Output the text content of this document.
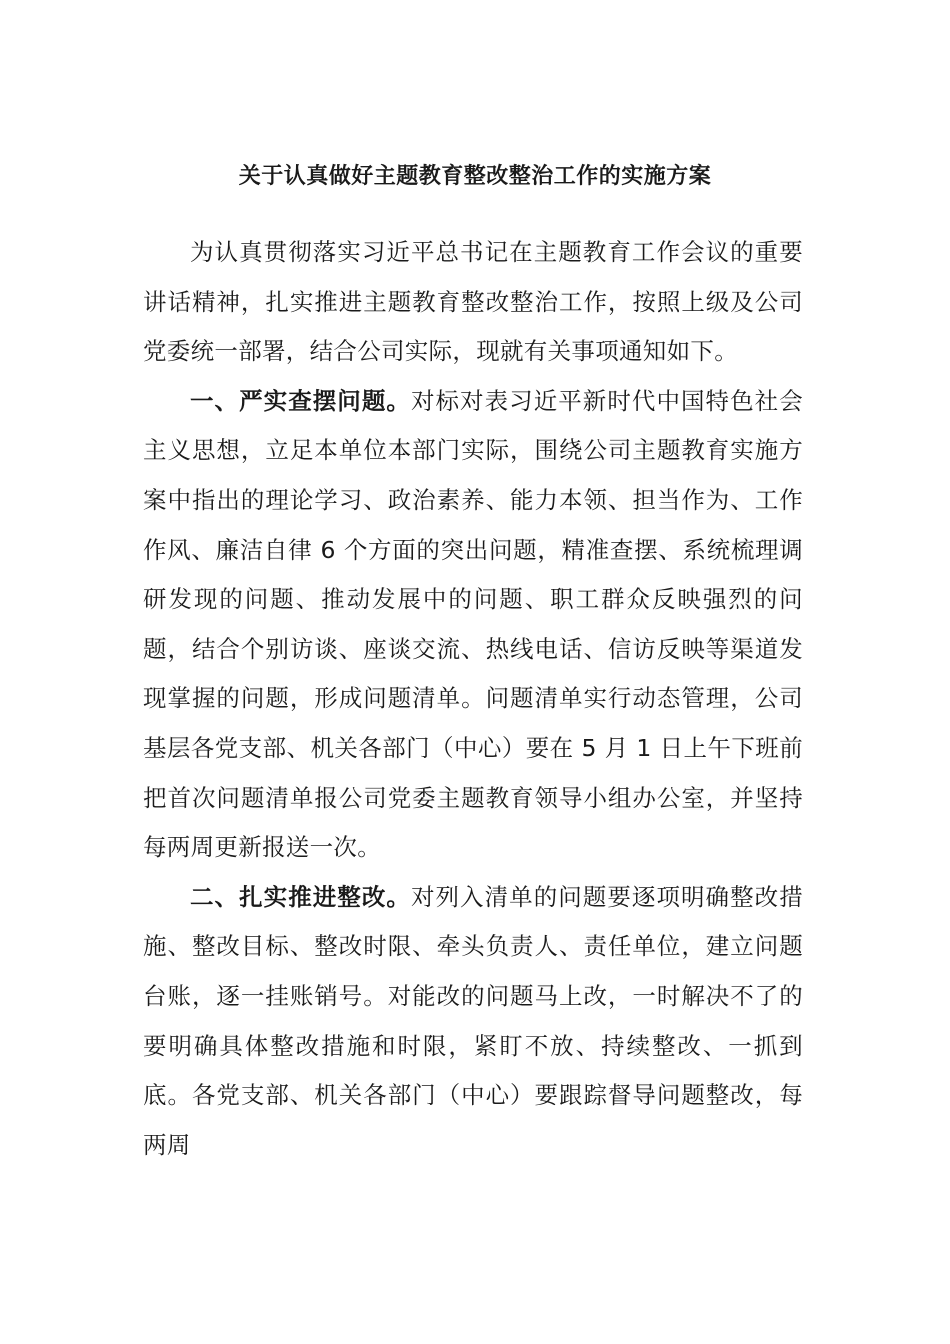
关于认真做好主题教育整改整治工作的实施方案

为认真贯彻落实习近平总书记在主题教育工作会议的重要讲话精神，扎实推进主题教育整改整治工作，按照上级及公司党委统一部署，结合公司实际，现就有关事项通知如下。

一、严实查摆问题。对标对表习近平新时代中国特色社会主义思想，立足本单位本部门实际，围绕公司主题教育实施方案中指出的理论学习、政治素养、能力本领、担当作为、工作作风、廉洁自律 6 个方面的突出问题，精准查摆、系统梳理调研发现的问题、推动发展中的问题、职工群众反映强烈的问题，结合个别访谈、座谈交流、热线电话、信访反映等渠道发现掌握的问题，形成问题清单。问题清单实行动态管理，公司基层各党支部、机关各部门（中心）要在 5 月 1 日上午下班前把首次问题清单报公司党委主题教育领导小组办公室，并坚持每两周更新报送一次。

二、扎实推进整改。对列入清单的问题要逐项明确整改措施、整改目标、整改时限、牵头负责人、责任单位，建立问题台账，逐一挂账销号。对能改的问题马上改，一时解决不了的要明确具体整改措施和时限，紧盯不放、持续整改、一抓到底。各党支部、机关各部门（中心）要跟踪督导问题整改，每两周
